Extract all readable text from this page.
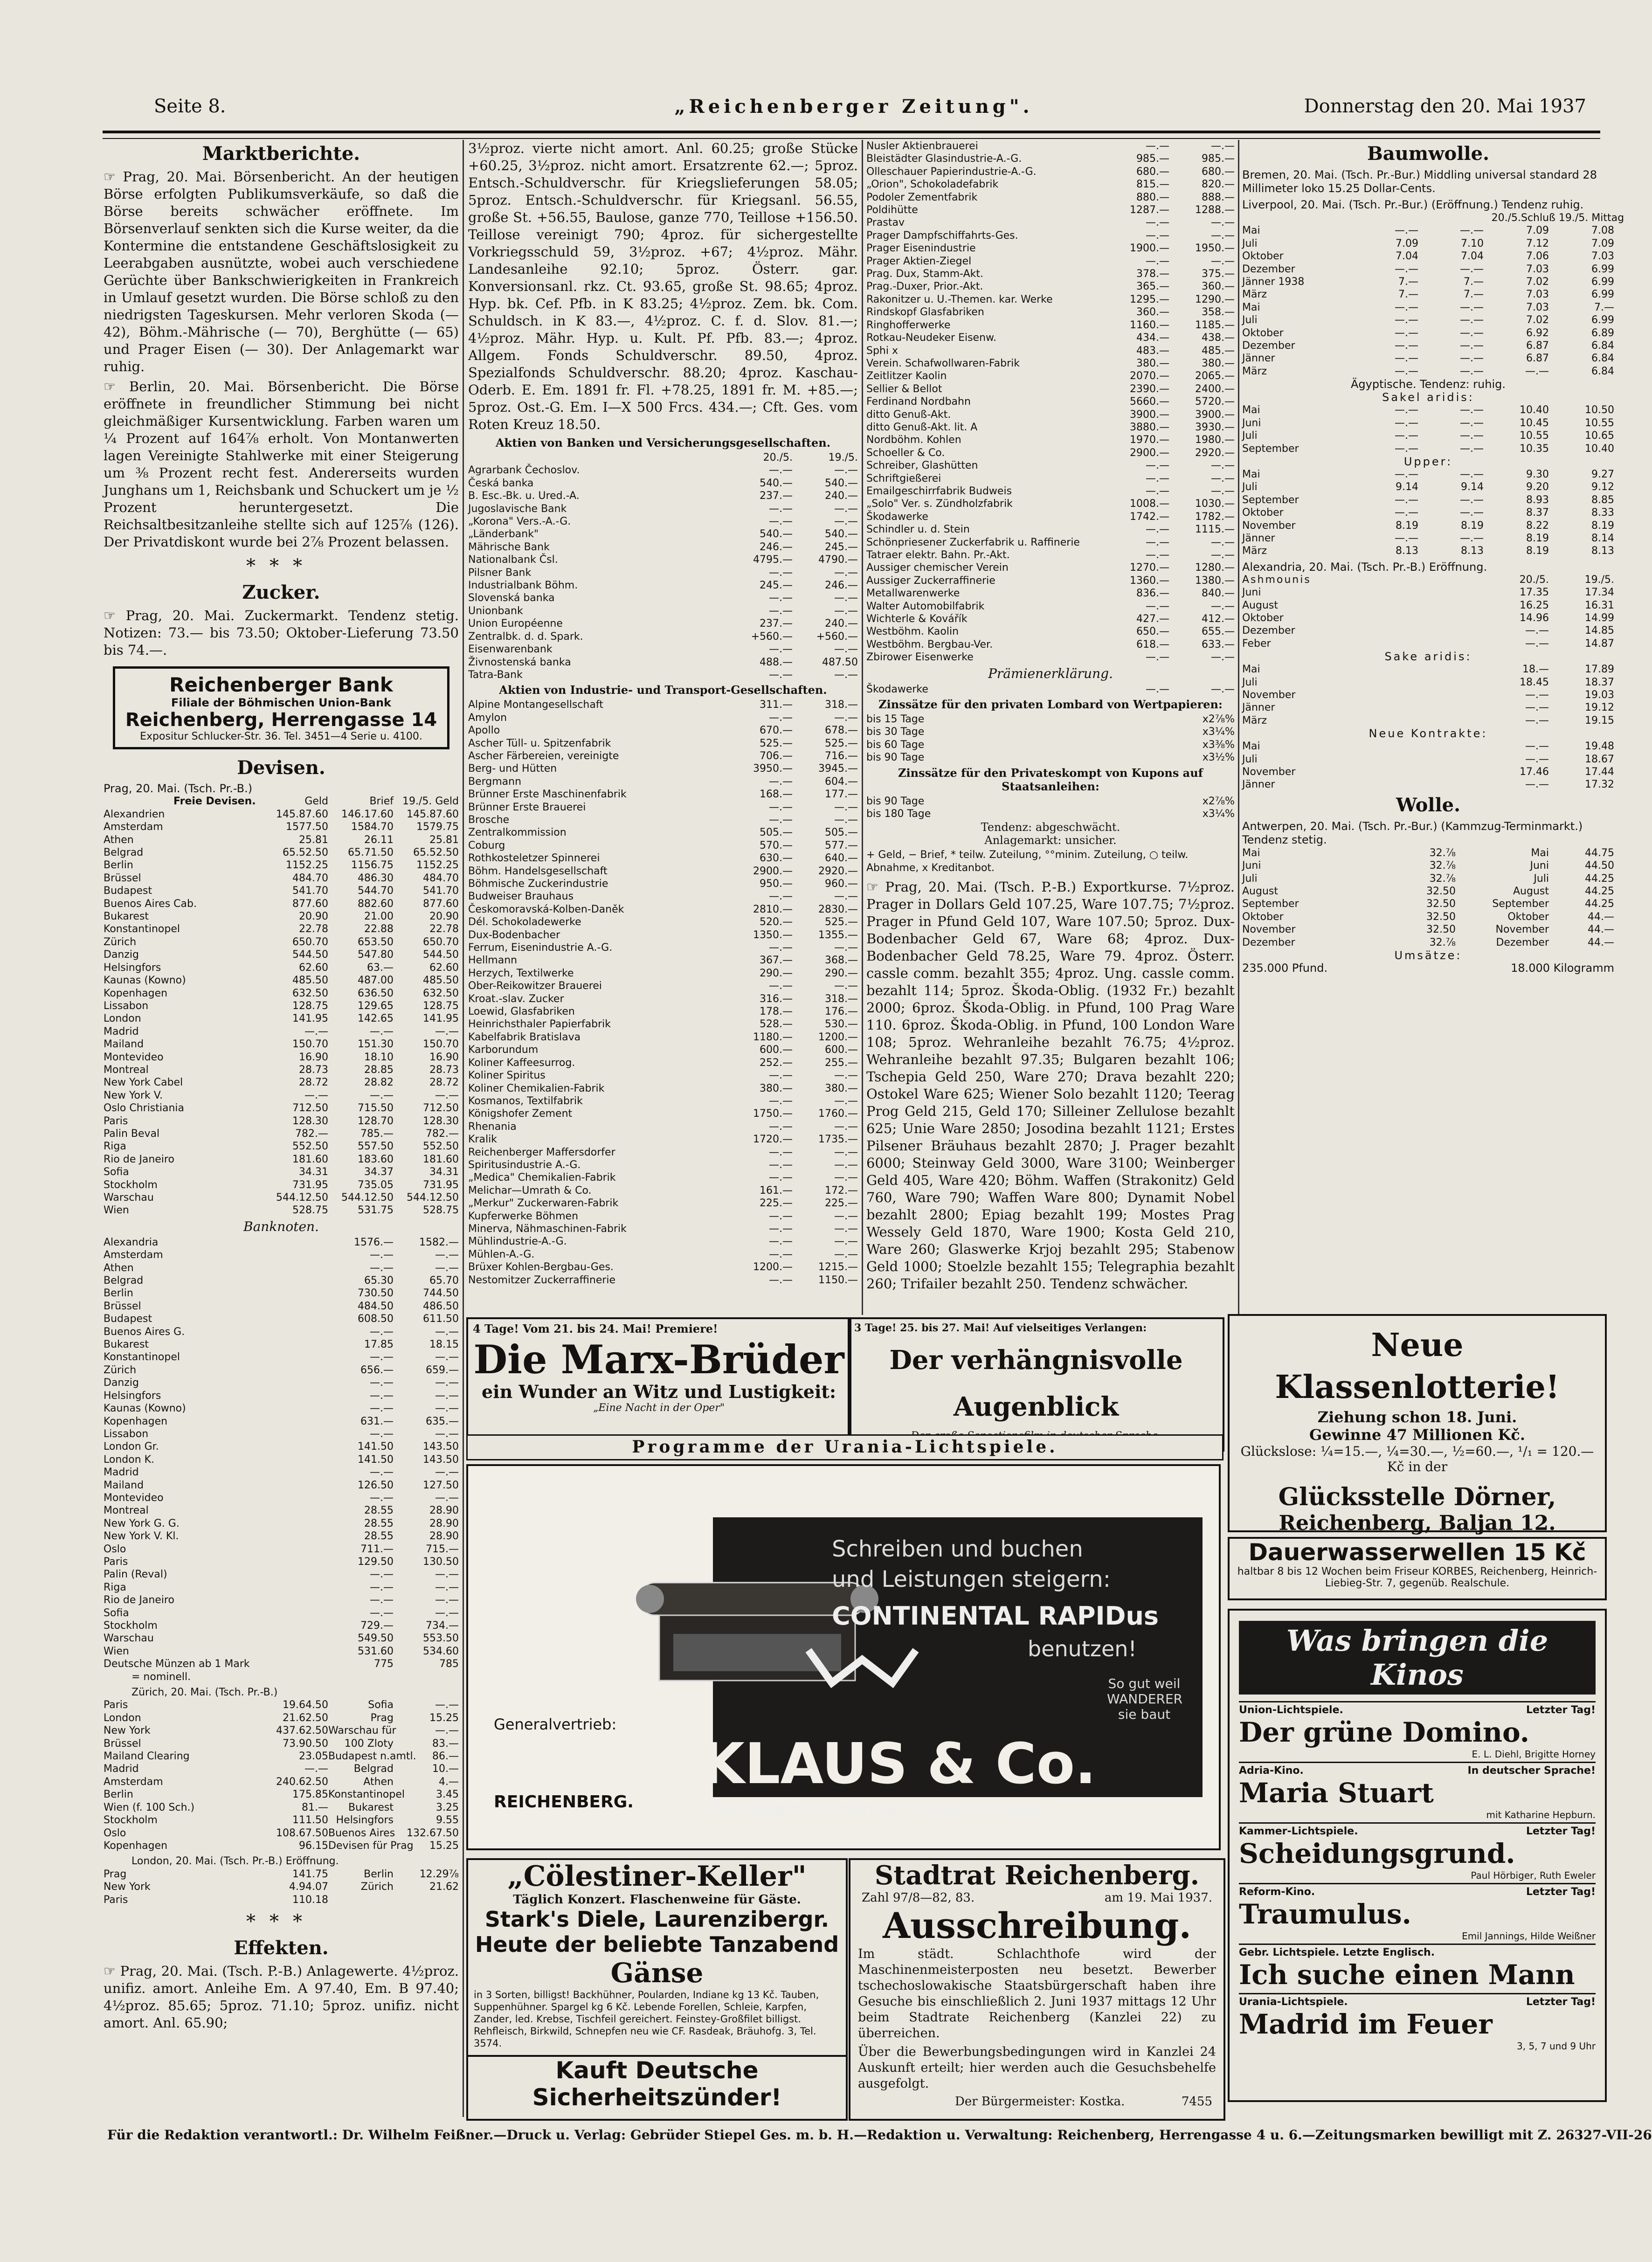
Seite 8.	„Reichenberger Zeitung".	Donnerstag den 20. Mai 1937
Marktberichte.

☞ Prag, 20. Mai. Börsenbericht. An der heutigen Börse erfolgten Publikumsverkäufe, so daß die Börse bereits schwächer eröffnete. Im Börsenverlauf senkten sich die Kurse weiter, da die Kontermine die entstandene Geschäftslosigkeit zu Leerabgaben ausnützte, wobei auch verschiedene Gerüchte über Bankschwierigkeiten in Frankreich in Umlauf gesetzt wurden. Die Börse schloß zu den niedrigsten Tageskursen. Mehr verloren Skoda (— 42), Böhm.-Mährische (— 70), Berghütte (— 65) und Prager Eisen (— 30). Der Anlagemarkt war ruhig.

☞ Berlin, 20. Mai. Börsenbericht. Die Börse eröffnete in freundlicher Stimmung bei nicht gleichmäßiger Kursentwicklung. Farben waren um ¼ Prozent auf 164⅞ erholt. Von Montanwerten lagen Vereinigte Stahlwerke mit einer Steigerung um ⅜ Prozent recht fest. Andererseits wurden Junghans um 1, Reichsbank und Schuckert um je ½ Prozent heruntergesetzt. Die Reichsaltbesitzanleihe stellte sich auf 125⅞ (126). Der Privatdiskont wurde bei 2⅞ Prozent belassen.

***
Zucker.

☞ Prag, 20. Mai. Zuckermarkt. Tendenz stetig. Notizen: 73.— bis 73.50; Oktober-Lieferung 73.50 bis 74.—.

Reichenberger Bank
Filiale der Böhmischen Union-Bank
Reichenberg, Herrengasse 14
Expositur Schlucker-Str. 36. Tel. 3451—4 Serie u. 4100.
Devisen.
Prag, 20. Mai. (Tsch. Pr.-B.)
Freie Devisen.	Geld	Brief 19./5. Geld
Alexandrien	145.87.60	146.17.60	145.87.60
Amsterdam	1577.50	1584.70	1579.75
Athen	25.81	26.11	25.81
Belgrad	65.52.50	65.71.50	65.52.50
Berlin	1152.25	1156.75	1152.25
Brüssel	484.70	486.30	484.70
Budapest	541.70	544.70	541.70
Buenos Aires Cab.	877.60	882.60	877.60
Bukarest	20.90	21.00	20.90
Konstantinopel	22.78	22.88	22.78
Zürich	650.70	653.50	650.70
Danzig	544.50	547.80	544.50
Helsingfors	62.60	63.—	62.60
Kaunas (Kowno)	485.50	487.00	485.50
Kopenhagen	632.50	636.50	632.50
Lissabon	128.75	129.65	128.75
London	141.95	142.65	141.95
Madrid	—.—	—.—	—.—
Mailand	150.70	151.30	150.70
Montevideo	16.90	18.10	16.90
Montreal	28.73	28.85	28.73
New York Cabel	28.72	28.82	28.72
New York V.	—.—	—.—	—.—
Oslo Christiania	712.50	715.50	712.50
Paris	128.30	128.70	128.30
Palin Beval	782.—	785.—	782.—
Riga	552.50	557.50	552.50
Rio de Janeiro	181.60	183.60	181.60
Sofia	34.31	34.37	34.31
Stockholm	731.95	735.05	731.95
Warschau	544.12.50	544.12.50	544.12.50
Wien	528.75	531.75	528.75
Banknoten.
Alexandria	1576.—	1582.—
Amsterdam	—.—	—.—
Athen	—.—	—.—
Belgrad	65.30	65.70
Berlin	730.50	744.50
Brüssel	484.50	486.50
Budapest	608.50	611.50
Buenos Aires G.	—.—	—.—
Bukarest	17.85	18.15
Konstantinopel	—.—	—.—
Zürich	656.—	659.—
Danzig	—.—	—.—
Helsingfors	—.—	—.—
Kaunas (Kowno)	—.—	—.—
Kopenhagen	631.—	635.—
Lissabon	—.—	—.—
London Gr.	141.50	143.50
London K.	141.50	143.50
Madrid	—.—	—.—
Mailand	126.50	127.50
Montevideo	—.—	—.—
Montreal	28.55	28.90
New York G. G.	28.55	28.90
New York V. Kl.	28.55	28.90
Oslo	711.—	715.—
Paris	129.50	130.50
Palin (Reval)	—.—	—.—
Riga	—.—	—.—
Rio de Janeiro	—.—	—.—
Sofia	—.—	—.—
Stockholm	729.—	734.—
Warschau	549.50	553.50
Wien	531.60	534.60
Deutsche Münzen ab 1 Mark	775	785
= nominell.
Zürich, 20. Mai. (Tsch. Pr.-B.)
Paris	19.64.50	Sofia	—.—
London	21.62.50	Prag	15.25
New York	437.62.50 Warschau für	—.—
Brüssel	73.90.50	100 Zloty	83.—
Mailand Clearing	23.05 Budapest n.amtl.	86.—
Madrid	—.—	Belgrad	10.—
Amsterdam	240.62.50	Athen	4.—
Berlin	175.85 Konstantinopel	3.45
Wien (f. 100 Sch.)	81.—	Bukarest	3.25
Stockholm	111.50 Helsingfors	9.55
Oslo	108.67.50 Buenos Aires	132.67.50
Kopenhagen	96.15 Devisen für Prag	15.25
London, 20. Mai. (Tsch. Pr.-B.) Eröffnung.
Prag	141.75	Berlin	12.29⅞
New York	4.94.07	Zürich	21.62
Paris	110.18
***
Effekten.

☞ Prag, 20. Mai. (Tsch. P.-B.) Anlagewerte. 4½proz. unifiz. amort. Anleihe Em. A 97.40, Em. B 97.40; 4½proz. 85.65; 5proz. 71.10; 5proz. unifiz. nicht amort. Anl. 65.90;

3½proz. vierte nicht amort. Anl. 60.25; große Stücke +60.25, 3½proz. nicht amort. Ersatzrente 62.—; 5proz. Entsch.-Schuldverschr. für Kriegslieferungen 58.05; 5proz. Entsch.-Schuldverschr. für Kriegsanl. 56.55, große St. +56.55, Baulose, ganze 770, Teillose +156.50. Teillose vereinigt 790; 4proz. für sichergestellte Vorkriegsschuld 59, 3½proz. +67; 4½proz. Mähr. Landesanleihe 92.10; 5proz. Österr. gar. Konversionsanl. rkz. Ct. 93.65, große St. 98.65; 4proz. Hyp. bk. Cef. Pfb. in K 83.25; 4½proz. Zem. bk. Com. Schuldsch. in K 83.—, 4½proz. C. f. d. Slov. 81.—; 4½proz. Mähr. Hyp. u. Kult. Pf. Pfb. 83.—; 4proz. Allgem. Fonds Schuldverschr. 89.50, 4proz. Spezialfonds Schuldverschr. 88.20; 4proz. Kaschau-Oderb. E. Em. 1891 fr. Fl. +78.25, 1891 fr. M. +85.—; 5proz. Ost.-G. Em. I—X 500 Frcs. 434.—; Cft. Ges. vom Roten Kreuz 18.50.

Aktien von Banken und Versicherungsgesellschaften.
20./5.	19./5.
Agrarbank Čechoslov.	—.—	—.—
Česká banka	540.—	540.—
B. Esc.-Bk. u. Ured.-A.	237.—	240.—
Jugoslavische Bank	—.—	—.—
„Korona" Vers.-A.-G.	—.—	—.—
„Länderbank"	540.—	540.—
Mährische Bank	246.—	245.—
Nationalbank Čsl.	4795.—	4790.—
Pilsner Bank	—.—	—.—
Industrialbank Böhm.	245.—	246.—
Slovenská banka	—.—	—.—
Unionbank	—.—	—.—
Union Européenne	237.—	240.—
Zentralbk. d. d. Spark.	+560.—	+560.—
Eisenwarenbank	—.—	—.—
Živnostenská banka	488.—	487.50
Tatra-Bank	—.—	—.—
Aktien von Industrie- und Transport-Gesellschaften.
Alpine Montangesellschaft	311.—	318.—
Amylon	—.—	—.—
Apollo	670.—	678.—
Ascher Tüll- u. Spitzenfabrik	525.—	525.—
Ascher Färbereien, vereinigte	706.—	716.—
Berg- und Hütten	3950.—	3945.—
Bergmann	—.—	604.—
Brünner Erste Maschinenfabrik	168.—	177.—
Brünner Erste Brauerei	—.—	—.—
Brosche	—.—	—.—
Zentralkommission	505.—	505.—
Coburg	570.—	577.—
Rothkosteletzer Spinnerei	630.—	640.—
Böhm. Handelsgesellschaft	2900.—	2920.—
Böhmische Zuckerindustrie	950.—	960.—
Budweiser Brauhaus	—.—	—.—
Českomoravská-Kolben-Daněk	2810.—	2830.—
Dél. Schokoladewerke	520.—	525.—
Dux-Bodenbacher	1350.—	1355.—
Ferrum, Eisenindustrie A.-G.	—.—	—.—
Hellmann	367.—	368.—
Herzych, Textilwerke	290.—	290.—
Ober-Reikowitzer Brauerei	—.—	—.—
Kroat.-slav. Zucker	316.—	318.—
Loewid, Glasfabriken	178.—	176.—
Heinrichsthaler Papierfabrik	528.—	530.—
Kabelfabrik Bratislava	1180.—	1200.—
Karborundum	600.—	600.—
Koliner Kaffeesurrog.	252.—	255.—
Koliner Spiritus	—.—	—.—
Koliner Chemikalien-Fabrik	380.—	380.—
Kosmanos, Textilfabrik	—.—	—.—
Königshofer Zement	1750.—	1760.—
Rhenania	—.—	—.—
Kralik	1720.—	1735.—
Reichenberger Maffersdorfer	—.—	—.—
Spiritusindustrie A.-G.	—.—	—.—
„Medica" Chemikalien-Fabrik	—.—	—.—
Melichar—Umrath & Co.	161.—	172.—
„Merkur" Zuckerwaren-Fabrik	225.—	225.—
Kupferwerke Böhmen	—.—	—.—
Minerva, Nähmaschinen-Fabrik	—.—	—.—
Mühlindustrie-A.-G.	—.—	—.—
Mühlen-A.-G.	—.—	—.—
Brüxer Kohlen-Bergbau-Ges.	1200.—	1215.—
Nestomitzer Zuckerraffinerie	—.—	1150.—
Nusler Aktienbrauerei	—.—	—.—
Bleistädter Glasindustrie-A.-G.	985.—	985.—
Olleschauer Papierindustrie-A.-G.	680.—	680.—
„Orion", Schokoladefabrik	815.—	820.—
Podoler Zementfabrik	880.—	888.—
Poldihütte	1287.—	1288.—
Prastav	—.—	—.—
Prager Dampfschiffahrts-Ges.	—.—	—.—
Prager Eisenindustrie	1900.—	1950.—
Prager Aktien-Ziegel	—.—	—.—
Prag. Dux, Stamm-Akt.	378.—	375.—
Prag.-Duxer, Prior.-Akt.	365.—	360.—
Rakonitzer u. U.-Themen. kar. Werke	1295.—	1290.—
Rindskopf Glasfabriken	360.—	358.—
Ringhofferwerke	1160.—	1185.—
Rotkau-Neudeker Eisenw.	434.—	438.—
Sphi x	483.—	485.—
Verein. Schafwollwaren-Fabrik	380.—	380.—
Zeitlitzer Kaolin	2070.—	2065.—
Sellier & Bellot	2390.—	2400.—
Ferdinand Nordbahn	5660.—	5720.—
ditto Genuß-Akt.	3900.—	3900.—
ditto Genuß-Akt. lit. A	3880.—	3930.—
Nordböhm. Kohlen	1970.—	1980.—
Schoeller & Co.	2900.—	2920.—
Schreiber, Glashütten	—.—	—.—
Schriftgießerei	—.—	—.—
Emailgeschirrfabrik Budweis	—.—	—.—
„Solo" Ver. s. Zündholzfabrik	1008.—	1030.—
Škodawerke	1742.—	1782.—
Schindler u. d. Stein	—.—	1115.—
Schönpriesener Zuckerfabrik u. Raffinerie	—.—	—.—
Tatraer elektr. Bahn. Pr.-Akt.	—.—	—.—
Aussiger chemischer Verein	1270.—	1280.—
Aussiger Zuckerraffinerie	1360.—	1380.—
Metallwarenwerke	836.—	840.—
Walter Automobilfabrik	—.—	—.—
Wichterle & Kovářík	427.—	412.—
Westböhm. Kaolin	650.—	655.—
Westböhm. Bergbau-Ver.	618.—	633.—
Zbirower Eisenwerke	—.—	—.—
Prämienerklärung.
Škodawerke	—.—	—.—
Zinssätze für den privaten Lombard von Wertpapieren:
bis 15 Tage	x2⅞%
bis 30 Tage	x3¼%
bis 60 Tage	x3⅜%
bis 90 Tage	x3½%
Zinssätze für den Privateskompt von Kupons auf Staatsanleihen:
bis 90 Tage	x2⅞%
bis 180 Tage	x3¼%
Tendenz: abgeschwächt.
Anlagemarkt: unsicher.
+ Geld, − Brief, * teilw. Zuteilung, °°minim. Zuteilung, ○ teilw. Abnahme, x Kreditanbot.

☞ Prag, 20. Mai. (Tsch. P.-B.) Exportkurse. 7½proz. Prager in Dollars Geld 107.25, Ware 107.75; 7½proz. Prager in Pfund Geld 107, Ware 107.50; 5proz. Dux-Bodenbacher Geld 67, Ware 68; 4proz. Dux-Bodenbacher Geld 78.25, Ware 79. 4proz. Österr. cassle comm. bezahlt 355; 4proz. Ung. cassle comm. bezahlt 114; 5proz. Škoda-Oblig. (1932 Fr.) bezahlt 2000; 6proz. Škoda-Oblig. in Pfund, 100 Prag Ware 110. 6proz. Škoda-Oblig. in Pfund, 100 London Ware 108; 5proz. Wehranleihe bezahlt 76.75; 4½proz. Wehranleihe bezahlt 97.35; Bulgaren bezahlt 106; Tschepia Geld 250, Ware 270; Drava bezahlt 220; Ostokel Ware 625; Wiener Solo bezahlt 1120; Teerag Prog Geld 215, Geld 170; Silleiner Zellulose bezahlt 625; Unie Ware 2850; Josodina bezahlt 1121; Erstes Pilsener Bräuhaus bezahlt 2870; J. Prager bezahlt 6000; Steinway Geld 3000, Ware 3100; Weinberger Geld 405, Ware 420; Böhm. Waffen (Strakonitz) Geld 760, Ware 790; Waffen Ware 800; Dynamit Nobel bezahlt 2800; Epiag bezahlt 199; Mostes Prag Wessely Geld 1870, Ware 1900; Kosta Geld 210, Ware 260; Glaswerke Krjoj bezahlt 295; Stabenow Geld 1000; Stoelzle bezahlt 155; Telegraphia bezahlt 260; Trifailer bezahlt 250. Tendenz schwächer.

Baumwolle.
Bremen, 20. Mai. (Tsch. Pr.-Bur.) Middling universal standard 28 Millimeter loko 15.25 Dollar-Cents.
Liverpool, 20. Mai. (Tsch. Pr.-Bur.) (Eröffnung.) Tendenz ruhig.
20./5. Schluß 19./5. Mittag
Mai	—.—	—.—	7.09	7.08
Juli	7.09	7.10	7.12	7.09
Oktober	7.04	7.04	7.06	7.03
Dezember	—.—	—.—	7.03	6.99
Jänner 1938	7.—	7.—	7.02	6.99
März	7.—	7.—	7.03	6.99
Mai	—.—	—.—	7.03	7.—
Juli	—.—	—.—	7.02	6.99
Oktober	—.—	—.—	6.92	6.89
Dezember	—.—	—.—	6.87	6.84
Jänner	—.—	—.—	6.87	6.84
März	—.—	—.—	—.—	6.84
Ägyptische. Tendenz: ruhig.
Sakel aridis:
Mai	—.—	—.—	10.40	10.50
Juni	—.—	—.—	10.45	10.55
Juli	—.—	—.—	10.55	10.65
September	—.—	—.—	10.35	10.40
Upper:
Mai	—.—	—.—	9.30	9.27
Juli	9.14	9.14	9.20	9.12
September	—.—	—.—	8.93	8.85
Oktober	—.—	—.—	8.37	8.33
November	8.19	8.19	8.22	8.19
Jänner	—.—	—.—	8.19	8.14
März	8.13	8.13	8.19	8.13
Alexandria, 20. Mai. (Tsch. Pr.-B.) Eröffnung.
Ashmounis	20./5.	19./5.
Juni	17.35	17.34
August	16.25	16.31
Oktober	14.96	14.99
Dezember	—.—	14.85
Feber	—.—	14.87
Sake aridis:
Mai	18.—	17.89
Juli	18.45	18.37
November	—.—	19.03
Jänner	—.—	19.12
März	—.—	19.15
Neue Kontrakte:
Mai	—.—	19.48
Juli	—.—	18.67
November	17.46	17.44
Jänner	—.—	17.32
Wolle.
Antwerpen, 20. Mai. (Tsch. Pr.-Bur.) (Kammzug-Terminmarkt.) Tendenz stetig.
Mai	32.⅞	Mai	44.75
Juni	32.⅞	Juni	44.50
Juli	32.⅞	Juli	44.25
August	32.50	August	44.25
September	32.50	September	44.25
Oktober	32.50	Oktober	44.—
November	32.50	November	44.—
Dezember	32.⅞	Dezember	44.—
Umsätze:
235.000 Pfund.	18.000 Kilogramm
4 Tage! Vom 21. bis 24. Mai! Premiere!
Die Marx-Brüder
ein Wunder an Witz und Lustigkeit:
„Eine Nacht in der Oper"
3 Tage! 25. bis 27. Mai! Auf vielseitiges Verlangen:
Der verhängnisvolle Augenblick
Programme der Urania-Lichtspiele.
Schreiben und buchen
und Leistungen steigern:
CONTINENTAL RAPIDus
benutzen!
So gut weil WANDERER sie baut
Generalvertrieb:
KLAUS & Co.
REICHENBERG.	Unverbindliche Vorführung. Prospekte kostenlos.
Neue Klassenlotterie!
Ziehung schon 18. Juni.
Gewinne 47 Millionen Kč.
Glückslose: ¼=15.—, ¼=30.—, ½=60.—, ¹/₁ = 120.— Kč in der
Glücksstelle Dörner,
Reichenberg, Baljan 12.
Dauerwasserwellen 15 Kč
haltbar 8 bis 12 Wochen beim Friseur KORBES, Reichenberg, Heinrich-Liebieg-Str. 7, gegenüb. Realschule.
Was bringen die Kinos
Union-Lichtspiele.	Letzter Tag!
Der grüne Domino.
E. L. Diehl, Brigitte Horney
Adria-Kino.	In deutscher Sprache!
Maria Stuart
mit Katharine Hepburn.
Kammer-Lichtspiele.	Letzter Tag!
Scheidungsgrund.
Paul Hörbiger, Ruth Eweler
Reform-Kino.	Letzter Tag!
Traumulus.
Emil Jannings, Hilde Weißner
Gebr. Lichtspiele. Letzte Englisch.
Ich suche einen Mann
Urania-Lichtspiele.	Letzter Tag!
Madrid im Feuer
3, 5, 7 und 9 Uhr
„Cölestiner-Keller"
Täglich Konzert. Flaschenweine für Gäste.
Stark's Diele, Laurenzibergr.
Heute der beliebte Tanzabend
Gänse
in 3 Sorten, billigst! Backhühner, Poularden, Indiane kg 13 Kč. Tauben, Suppenhühner. Spargel kg 6 Kč. Lebende Forellen, Schleie, Karpfen, Zander, led. Krebse, Tischfeil gereichert. Feinstey-Großfilet billigst. Rehfleisch, Birkwild, Schnepfen neu wie CF. Rasdeak, Bräuhofg. 3, Tel. 3574.
Kauft Deutsche Sicherheitszünder!
Stadtrat Reichenberg.
Zahl 97/8—82, 83.	am 19. Mai 1937.
Ausschreibung.

Im städt. Schlachthofe wird der Maschinenmeisterposten neu besetzt. Bewerber tschechoslowakische Staatsbürgerschaft haben ihre Gesuche bis einschließlich 2. Juni 1937 mittags 12 Uhr beim Stadtrate Reichenberg (Kanzlei 22) zu überreichen.

Über die Bewerbungsbedingungen wird in Kanzlei 24 Auskunft erteilt; hier werden auch die Gesuchsbehelfe ausgefolgt.

Der Bürgermeister: Kostka.	7455
Für die Redaktion verantwortl.: Dr. Wilhelm Feißner.—Druck u. Verlag: Gebrüder Stiepel Ges. m. b. H.—Redaktion u. Verwaltung: Reichenberg, Herrengasse 4 u. 6.—Zeitungsmarken bewilligt mit Z. 26327-VII-26
